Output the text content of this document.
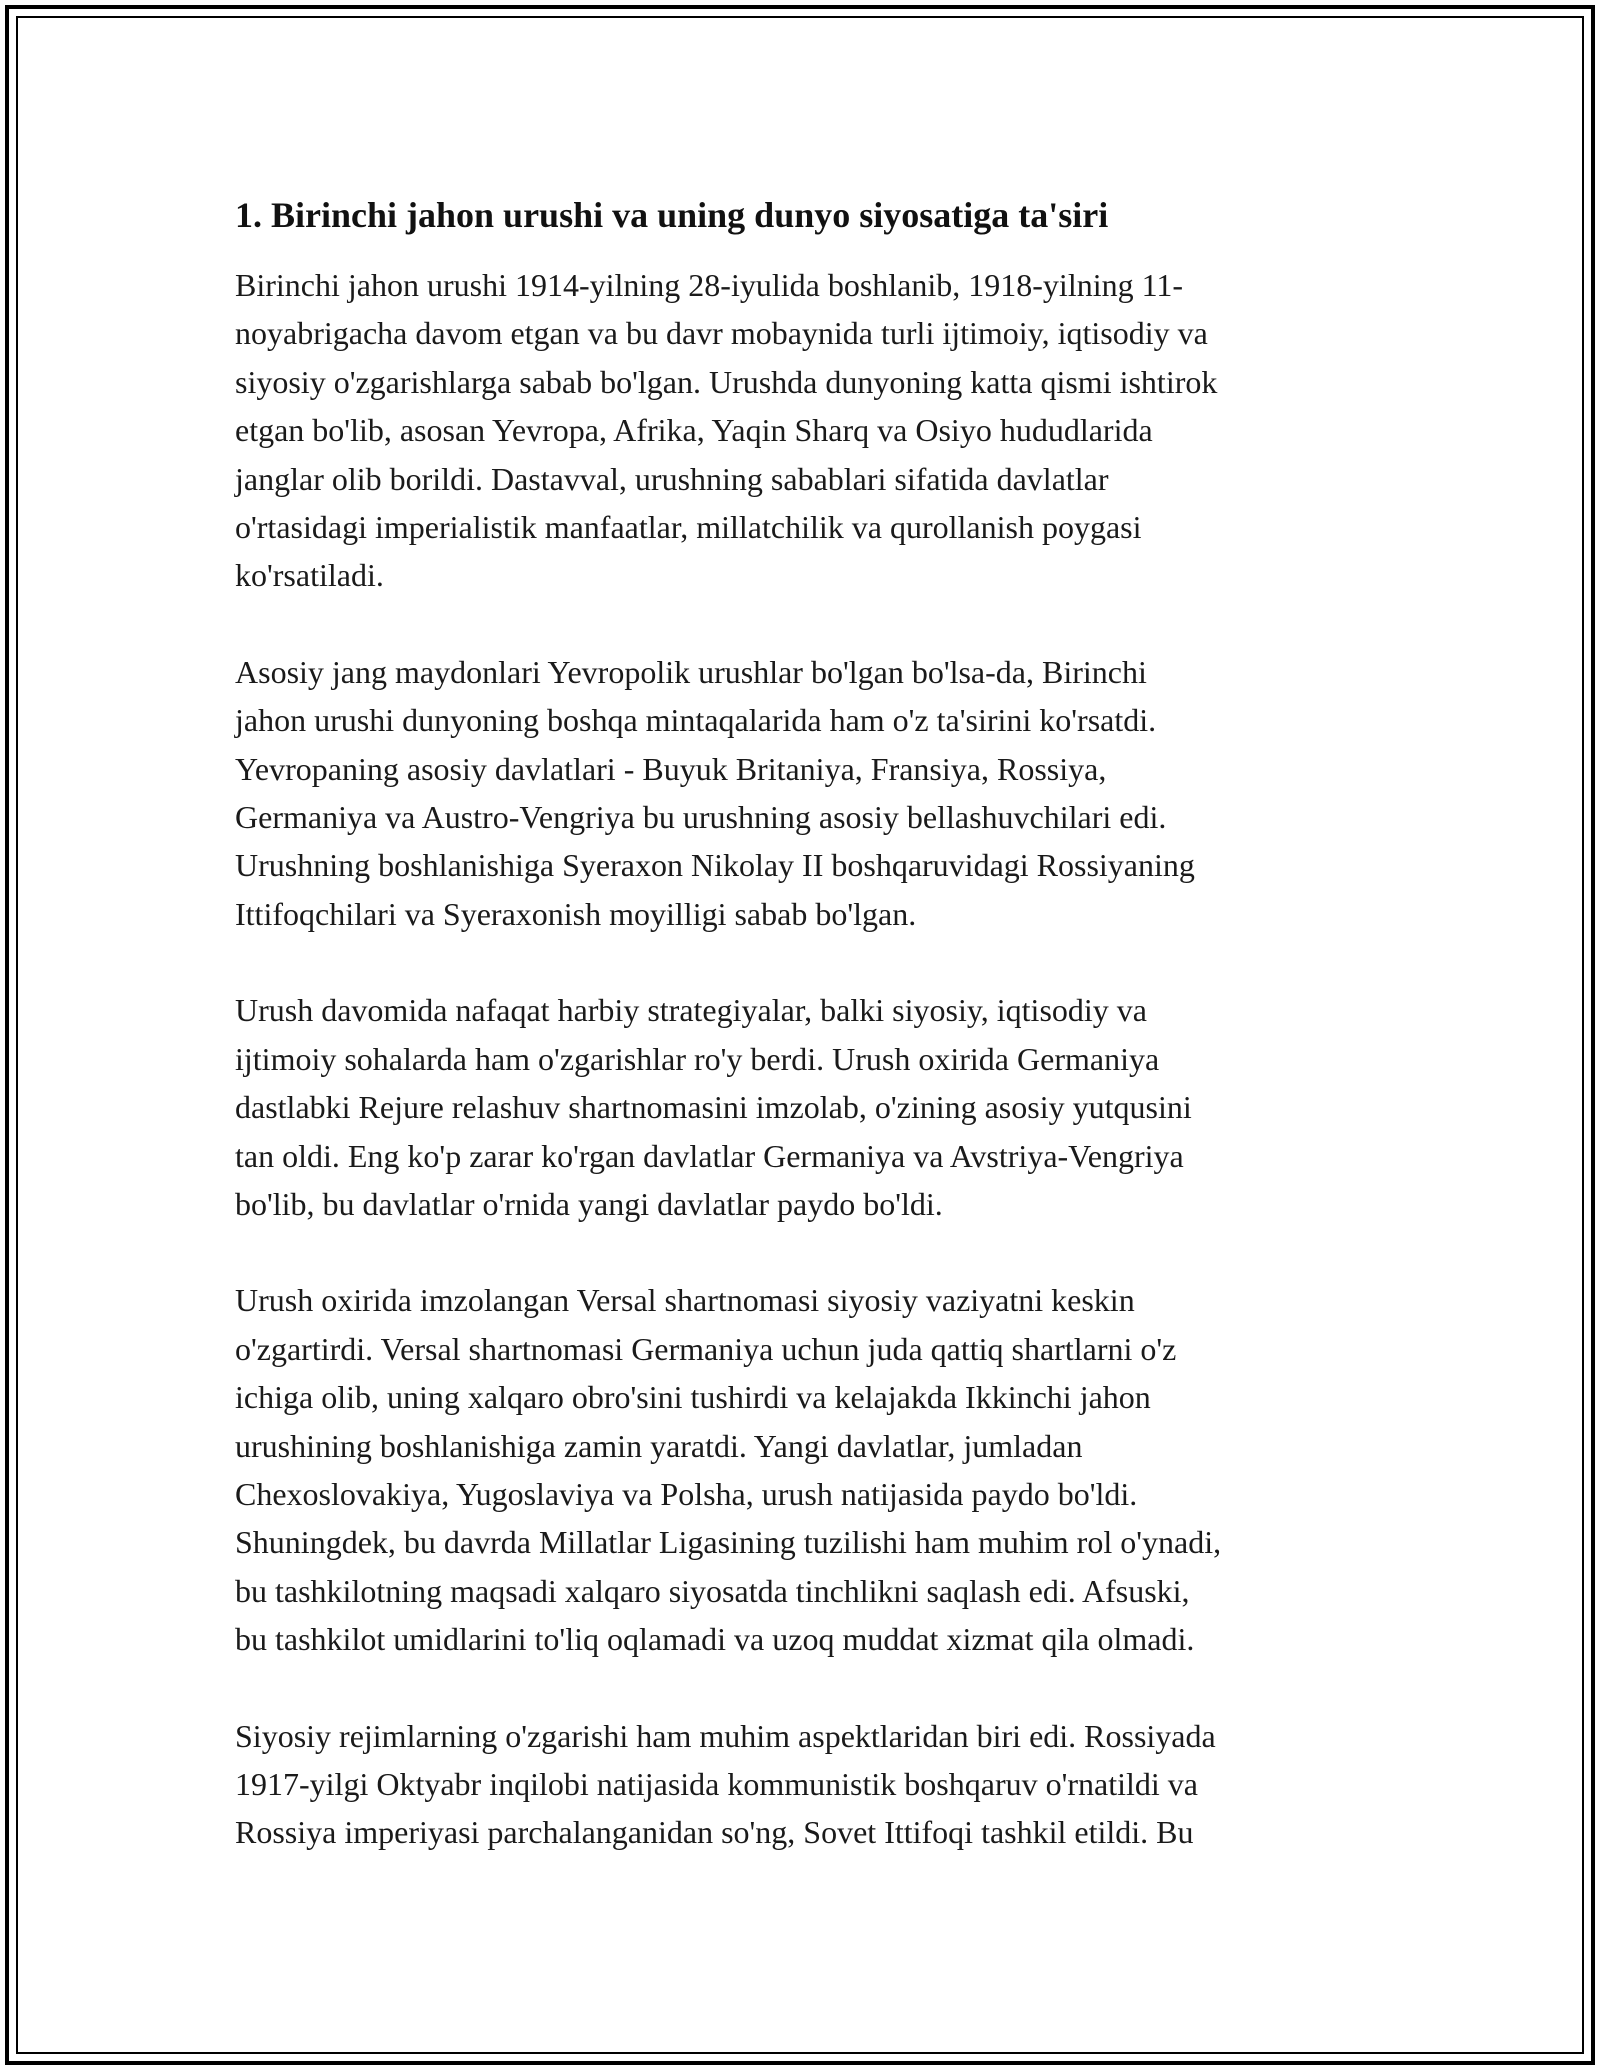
1. Birinchi jahon urushi va uning dunyo siyosatiga ta'siri

Birinchi jahon urushi 1914-yilning 28-iyulida boshlanib, 1918-yilning 11-
noyabrigacha davom etgan va bu davr mobaynida turli ijtimoiy, iqtisodiy va
siyosiy o'zgarishlarga sabab bo'lgan. Urushda dunyoning katta qismi ishtirok
etgan bo'lib, asosan Yevropa, Afrika, Yaqin Sharq va Osiyo hududlarida
janglar olib borildi. Dastavval, urushning sabablari sifatida davlatlar
o'rtasidagi imperialistik manfaatlar, millatchilik va qurollanish poygasi
ko'rsatiladi.

Asosiy jang maydonlari Yevropolik urushlar bo'lgan bo'lsa-da, Birinchi
jahon urushi dunyoning boshqa mintaqalarida ham o'z ta'sirini ko'rsatdi.
Yevropaning asosiy davlatlari - Buyuk Britaniya, Fransiya, Rossiya,
Germaniya va Austro-Vengriya bu urushning asosiy bellashuvchilari edi.
Urushning boshlanishiga Syeraxon Nikolay II boshqaruvidagi Rossiyaning
Ittifoqchilari va Syeraxonish moyilligi sabab bo'lgan.

Urush davomida nafaqat harbiy strategiyalar, balki siyosiy, iqtisodiy va
ijtimoiy sohalarda ham o'zgarishlar ro'y berdi. Urush oxirida Germaniya
dastlabki Rejure relashuv shartnomasini imzolab, o'zining asosiy yutqusini
tan oldi. Eng ko'p zarar ko'rgan davlatlar Germaniya va Avstriya-Vengriya
bo'lib, bu davlatlar o'rnida yangi davlatlar paydo bo'ldi.

Urush oxirida imzolangan Versal shartnomasi siyosiy vaziyatni keskin
o'zgartirdi. Versal shartnomasi Germaniya uchun juda qattiq shartlarni o'z
ichiga olib, uning xalqaro obro'sini tushirdi va kelajakda Ikkinchi jahon
urushining boshlanishiga zamin yaratdi. Yangi davlatlar, jumladan
Chexoslovakiya, Yugoslaviya va Polsha, urush natijasida paydo bo'ldi.
Shuningdek, bu davrda Millatlar Ligasining tuzilishi ham muhim rol o'ynadi,
bu tashkilotning maqsadi xalqaro siyosatda tinchlikni saqlash edi. Afsuski,
bu tashkilot umidlarini to'liq oqlamadi va uzoq muddat xizmat qila olmadi.

Siyosiy rejimlarning o'zgarishi ham muhim aspektlaridan biri edi. Rossiyada
1917-yilgi Oktyabr inqilobi natijasida kommunistik boshqaruv o'rnatildi va
Rossiya imperiyasi parchalanganidan so'ng, Sovet Ittifoqi tashkil etildi. Bu
